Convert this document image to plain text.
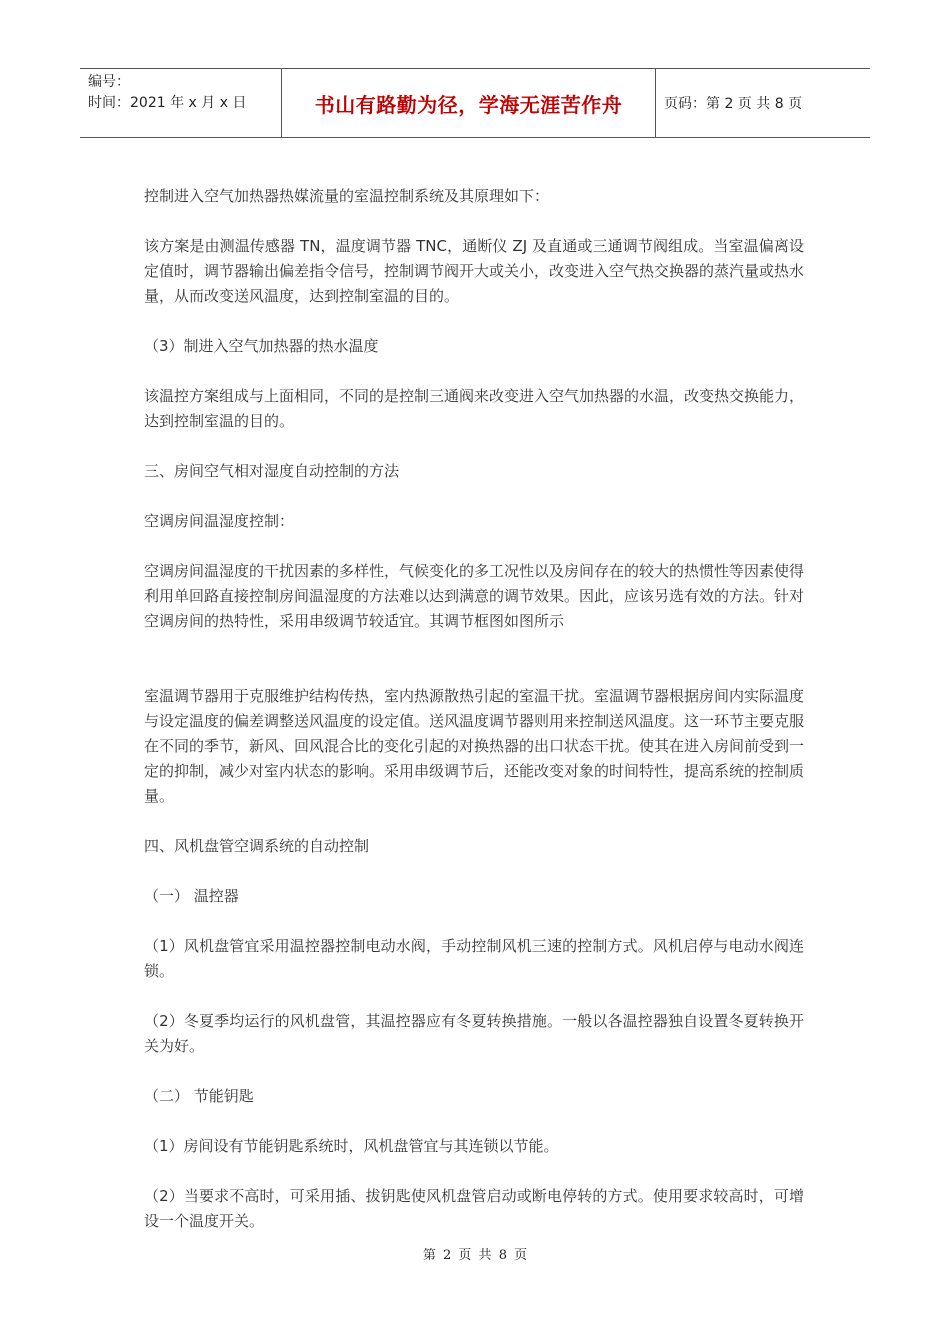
编号：
时间：2021 年 x 月 x 日	书山有路勤为径，学海无涯苦作舟	页码：第 2 页 共 8 页

控制进入空气加热器热媒流量的室温控制系统及其原理如下：

该方案是由测温传感器 TN，温度调节器 TNC，通断仪 ZJ 及直通或三通调节阀组成。当室温偏离设定值时，调节器输出偏差指令信号，控制调节阀开大或关小，改变进入空气热交换器的蒸汽量或热水量，从而改变送风温度，达到控制室温的目的。

（3）制进入空气加热器的热水温度

该温控方案组成与上面相同，不同的是控制三通阀来改变进入空气加热器的水温，改变热交换能力，达到控制室温的目的。

三、房间空气相对湿度自动控制的方法

空调房间温湿度控制：

空调房间温湿度的干扰因素的多样性，气候变化的多工况性以及房间存在的较大的热惯性等因素使得利用单回路直接控制房间温湿度的方法难以达到满意的调节效果。因此，应该另选有效的方法。针对空调房间的热特性，采用串级调节较适宜。其调节框图如图所示

室温调节器用于克服维护结构传热，室内热源散热引起的室温干扰。室温调节器根据房间内实际温度与设定温度的偏差调整送风温度的设定值。送风温度调节器则用来控制送风温度。这一环节主要克服在不同的季节，新风、回风混合比的变化引起的对换热器的出口状态干扰。使其在进入房间前受到一定的抑制，减少对室内状态的影响。采用串级调节后，还能改变对象的时间特性，提高系统的控制质量。

四、风机盘管空调系统的自动控制

（一） 温控器

（1）风机盘管宜采用温控器控制电动水阀，手动控制风机三速的控制方式。风机启停与电动水阀连锁。

（2）冬夏季均运行的风机盘管，其温控器应有冬夏转换措施。一般以各温控器独自设置冬夏转换开关为好。

（二） 节能钥匙

（1）房间设有节能钥匙系统时，风机盘管宜与其连锁以节能。

（2）当要求不高时，可采用插、拔钥匙使风机盘管启动或断电停转的方式。使用要求较高时，可增设一个温度开关。

第 2 页 共 8 页
